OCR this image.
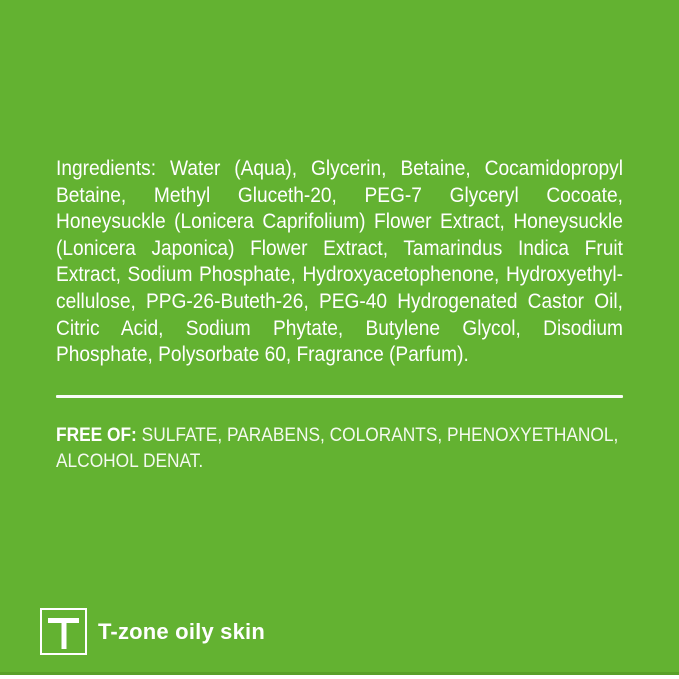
Ingredients: Water (Aqua), Glycerin, Betaine, Cocamidopropyl
Betaine, Methyl Gluceth-20, PEG-7 Glyceryl Cocoate,
Honeysuckle (Lonicera Caprifolium) Flower Extract, Honeysuckle
(Lonicera Japonica) Flower Extract, Tamarindus Indica Fruit
Extract, Sodium Phosphate, Hydroxyacetophenone, Hydroxyethyl-
cellulose, PPG-26-Buteth-26, PEG-40 Hydrogenated Castor Oil,
Citric Acid, Sodium Phytate, Butylene Glycol, Disodium
Phosphate, Polysorbate 60, Fragrance (Parfum).
FREE OF: SULFATE, PARABENS, COLORANTS, PHENOXYETHANOL,
ALCOHOL DENAT.
T-zone oily skin
